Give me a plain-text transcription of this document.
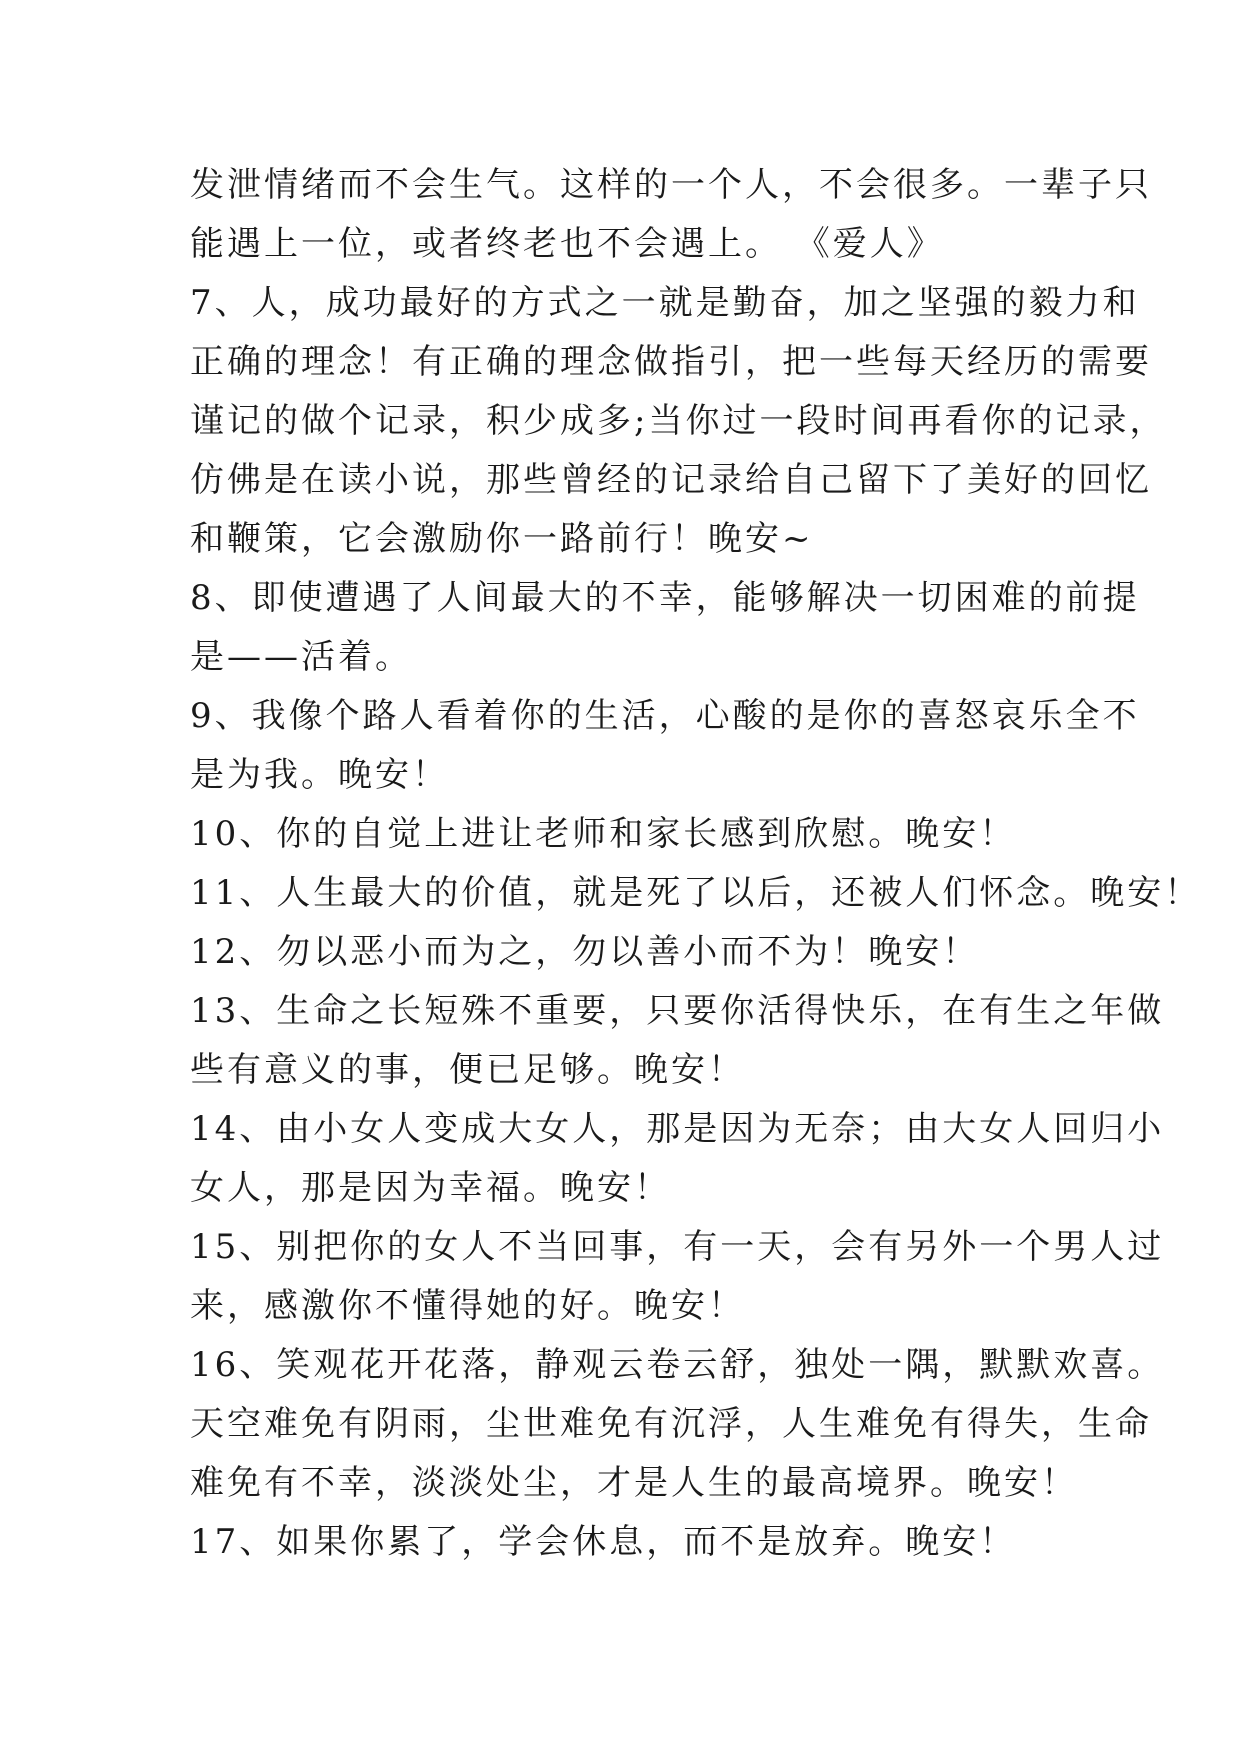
发泄情绪而不会生气。这样的一个人，不会很多。一辈子只
能遇上一位，或者终老也不会遇上。 《爱人》
7、人，成功最好的方式之一就是勤奋，加之坚强的毅力和
正确的理念！有正确的理念做指引，把一些每天经历的需要
谨记的做个记录，积少成多;当你过一段时间再看你的记录，
仿佛是在读小说，那些曾经的记录给自己留下了美好的回忆
和鞭策，它会激励你一路前行！晚安~
8、即使遭遇了人间最大的不幸，能够解决一切困难的前提
是——活着。
9、我像个路人看着你的生活，心酸的是你的喜怒哀乐全不
是为我。晚安！
10、你的自觉上进让老师和家长感到欣慰。晚安！
11、人生最大的价值，就是死了以后，还被人们怀念。晚安！
12、勿以恶小而为之，勿以善小而不为！晚安！
13、生命之长短殊不重要，只要你活得快乐，在有生之年做
些有意义的事，便已足够。晚安！
14、由小女人变成大女人，那是因为无奈；由大女人回归小
女人，那是因为幸福。晚安！
15、别把你的女人不当回事，有一天，会有另外一个男人过
来，感激你不懂得她的好。晚安！
16、笑观花开花落，静观云卷云舒，独处一隅，默默欢喜。
天空难免有阴雨，尘世难免有沉浮，人生难免有得失，生命
难免有不幸，淡淡处尘，才是人生的最高境界。晚安！
17、如果你累了，学会休息，而不是放弃。晚安！
